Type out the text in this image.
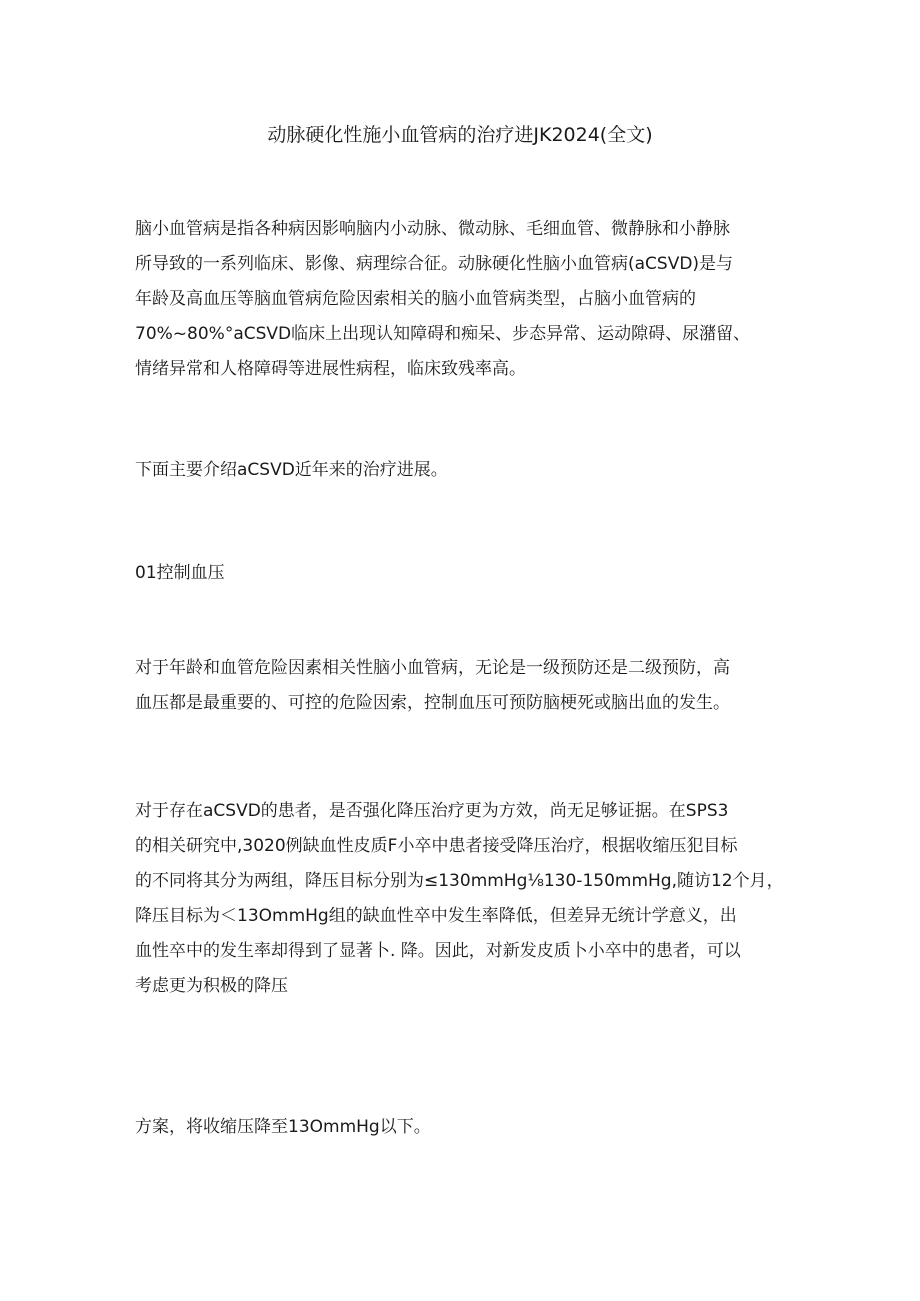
动脉硬化性施小血管病的治疗进JK2024(全文)

脑小血管病是指各种病因影响脑内小动脉、微动脉、毛细血管、微静脉和小静脉
所导致的一系列临床、影像、病理综合征。动脉硬化性脑小血管病(aCSVD)是与
年龄及高血压等脑血管病危险因索相关的脑小血管病类型，占脑小血管病的
70%~80%°aCSVD临床上出现认知障碍和痴呆、步态异常、运动隙碍、尿潴留、
情绪异常和人格障碍等进展性病程，临床致残率高。

下面主要介绍aCSVD近年来的治疗进展。

01控制血压

对于年龄和血管危险因素相关性脑小血管病，无论是一级预防还是二级预防，高
血压都是最重要的、可控的危险因索，控制血压可预防脑梗死或脑出血的发生。

对于存在aCSVD的患者，是否强化降压治疗更为方效，尚无足够证据。在SPS3
的相关研究中,3020例缺血性皮质F小卒中患者接受降压治疗，根据收缩压犯目标
的不同将其分为两组，降压目标分别为≤130mmHg⅛130-150mmHg,随访12个月，
降压目标为＜13OmmHg组的缺血性卒中发生率降低，但差异无统计学意义，出
血性卒中的发生率却得到了显著卜. 降。因此，对新发皮质卜小卒中的患者，可以
考虑更为积极的降压

方案，将收缩压降至13OmmHg以下。
